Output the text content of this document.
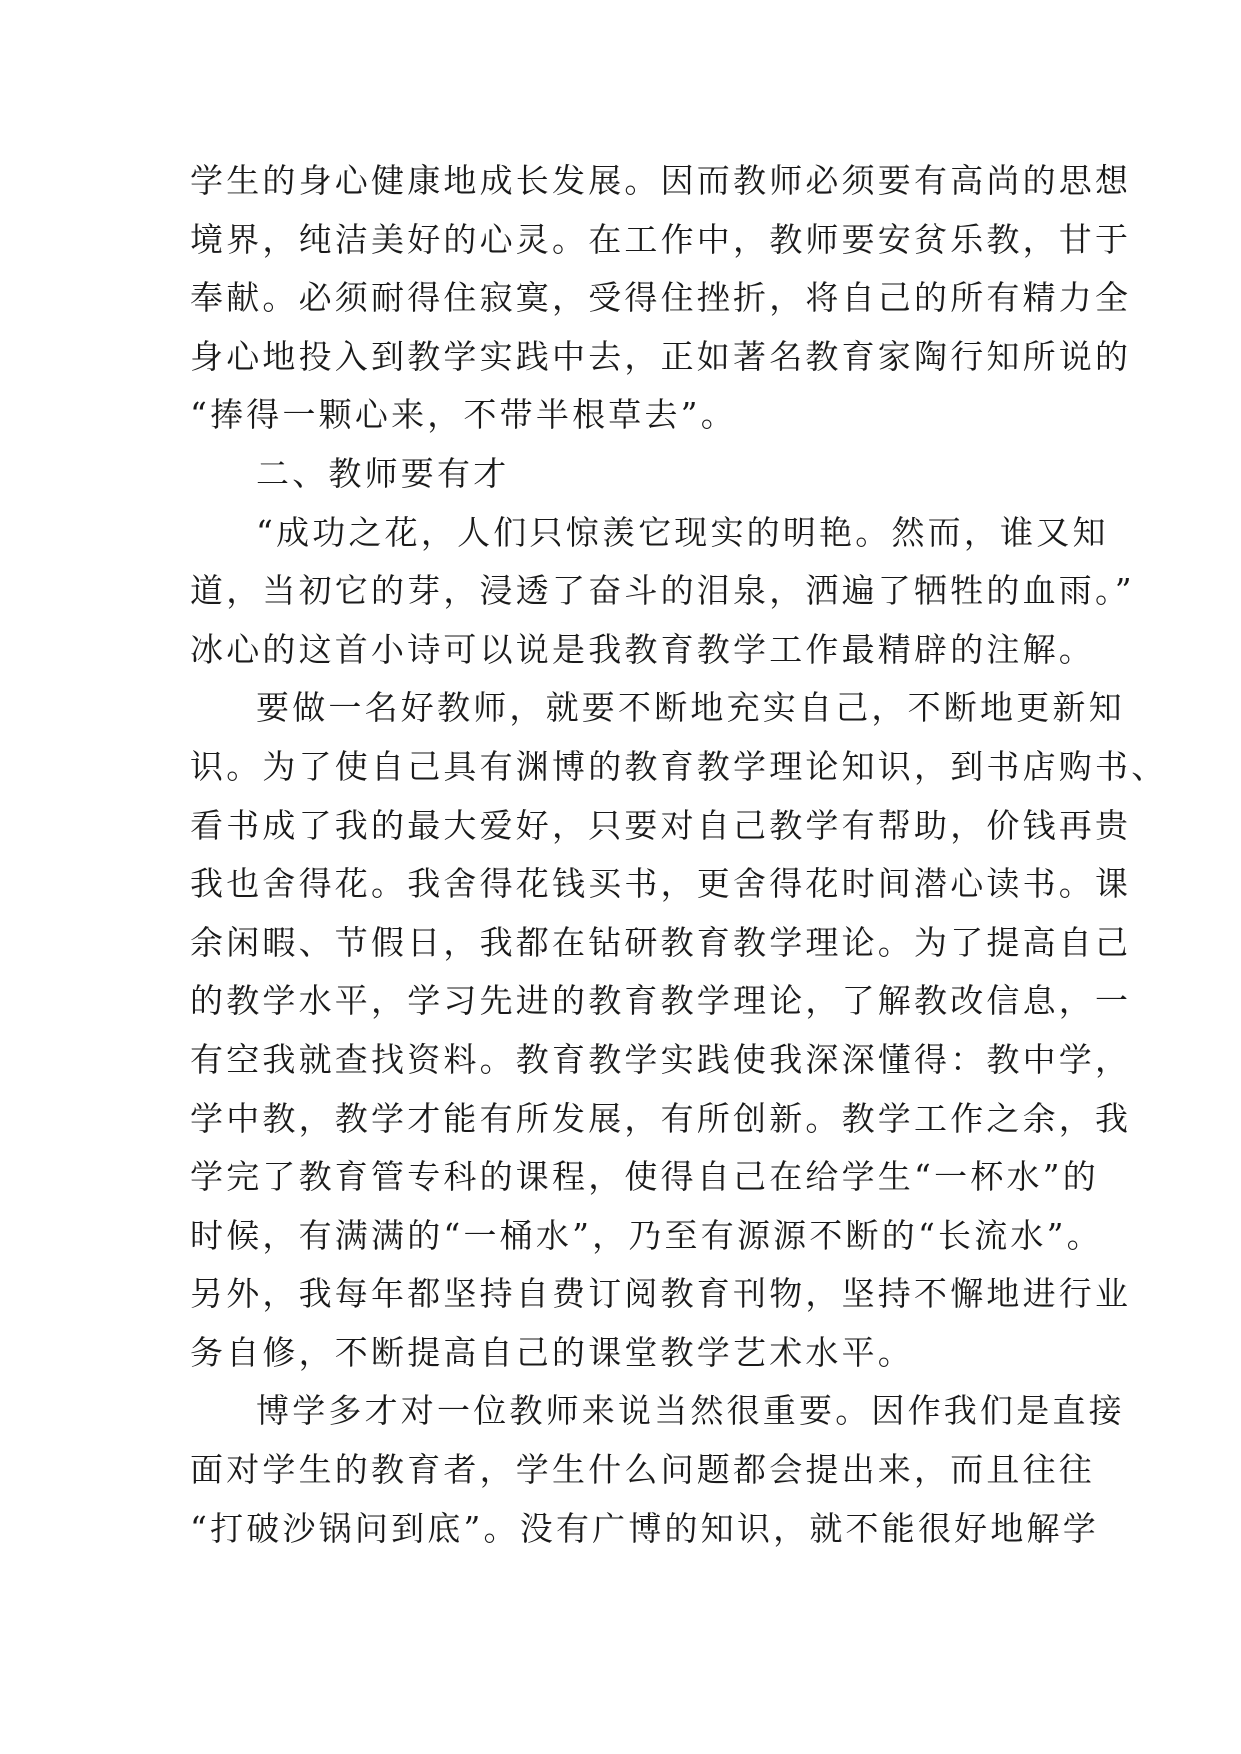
学生的身心健康地成长发展。因而教师必须要有高尚的思想
境界，纯洁美好的心灵。在工作中，教师要安贫乐教，甘于
奉献。必须耐得住寂寞，受得住挫折，将自己的所有精力全
身心地投入到教学实践中去，正如著名教育家陶行知所说的
“捧得一颗心来，不带半根草去”。
二、教师要有才
“成功之花，人们只惊羡它现实的明艳。然而，谁又知
道，当初它的芽，浸透了奋斗的泪泉，洒遍了牺牲的血雨。”
冰心的这首小诗可以说是我教育教学工作最精辟的注解。
要做一名好教师，就要不断地充实自己，不断地更新知
识。为了使自己具有渊博的教育教学理论知识，到书店购书、
看书成了我的最大爱好，只要对自己教学有帮助，价钱再贵
我也舍得花。我舍得花钱买书，更舍得花时间潜心读书。课
余闲暇、节假日，我都在钻研教育教学理论。为了提高自己
的教学水平，学习先进的教育教学理论，了解教改信息，一
有空我就查找资料。教育教学实践使我深深懂得：教中学，
学中教，教学才能有所发展，有所创新。教学工作之余，我
学完了教育管专科的课程，使得自己在给学生“一杯水”的
时候，有满满的“一桶水”，乃至有源源不断的“长流水”。
另外，我每年都坚持自费订阅教育刊物，坚持不懈地进行业
务自修，不断提高自己的课堂教学艺术水平。
博学多才对一位教师来说当然很重要。因作我们是直接
面对学生的教育者，学生什么问题都会提出来，而且往往
“打破沙锅问到底”。没有广博的知识，就不能很好地解学
